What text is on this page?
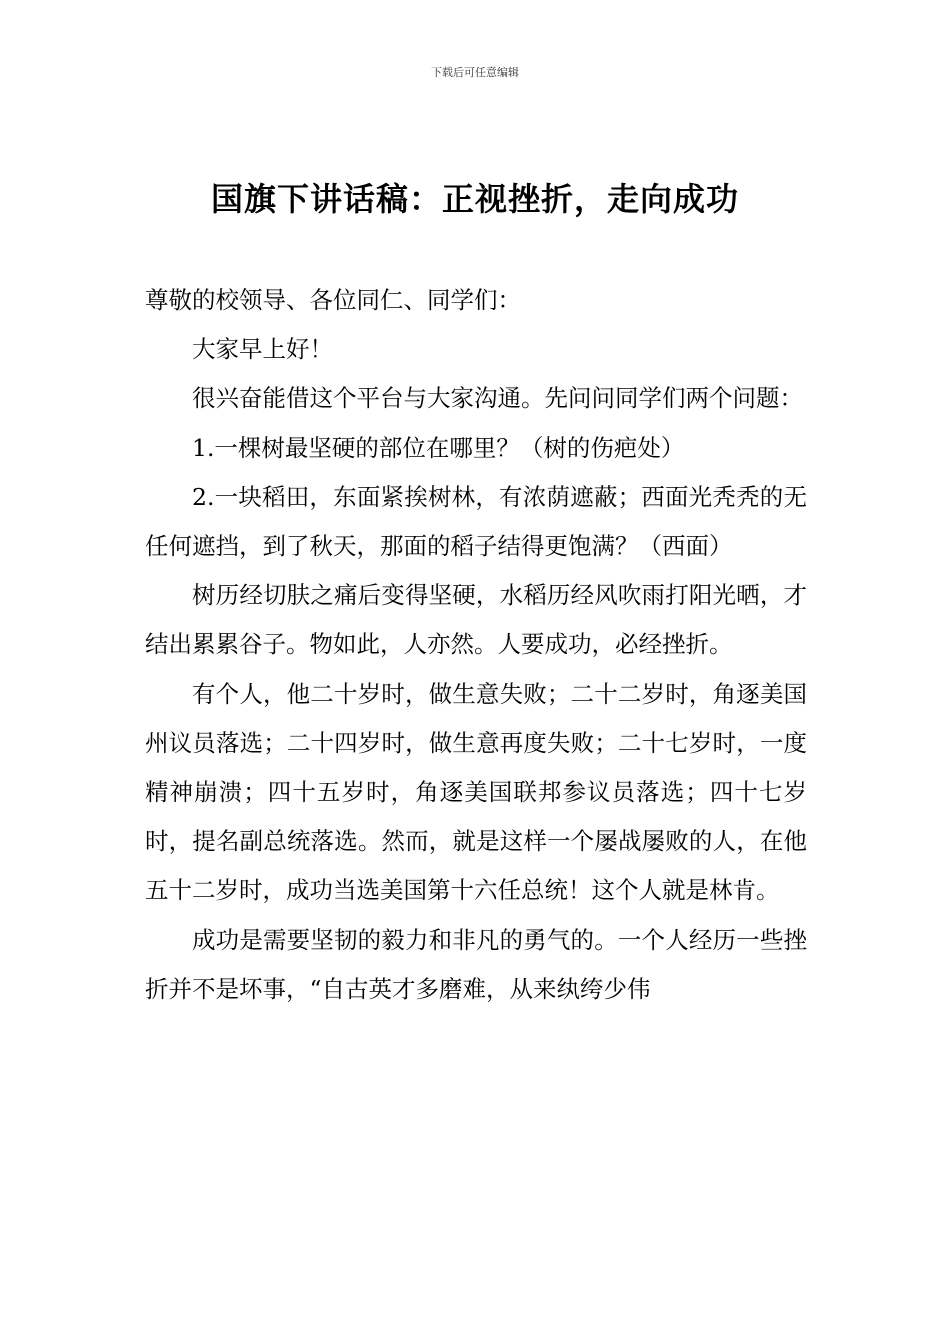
下载后可任意编辑
国旗下讲话稿：正视挫折，走向成功

尊敬的校领导、各位同仁、同学们：

大家早上好！

很兴奋能借这个平台与大家沟通。先问问同学们两个问题：

1.一棵树最坚硬的部位在哪里？（树的伤疤处）

2.一块稻田，东面紧挨树林，有浓荫遮蔽；西面光秃秃的无任何遮挡，到了秋天，那面的稻子结得更饱满？（西面）

树历经切肤之痛后变得坚硬，水稻历经风吹雨打阳光晒，才结出累累谷子。物如此，人亦然。人要成功，必经挫折。

有个人，他二十岁时，做生意失败；二十二岁时，角逐美国州议员落选；二十四岁时，做生意再度失败；二十七岁时，一度精神崩溃；四十五岁时，角逐美国联邦参议员落选；四十七岁时，提名副总统落选。然而，就是这样一个屡战屡败的人，在他五十二岁时，成功当选美国第十六任总统！这个人就是林肯。

成功是需要坚韧的毅力和非凡的勇气的。一个人经历一些挫折并不是坏事，“自古英才多磨难，从来纨绔少伟
